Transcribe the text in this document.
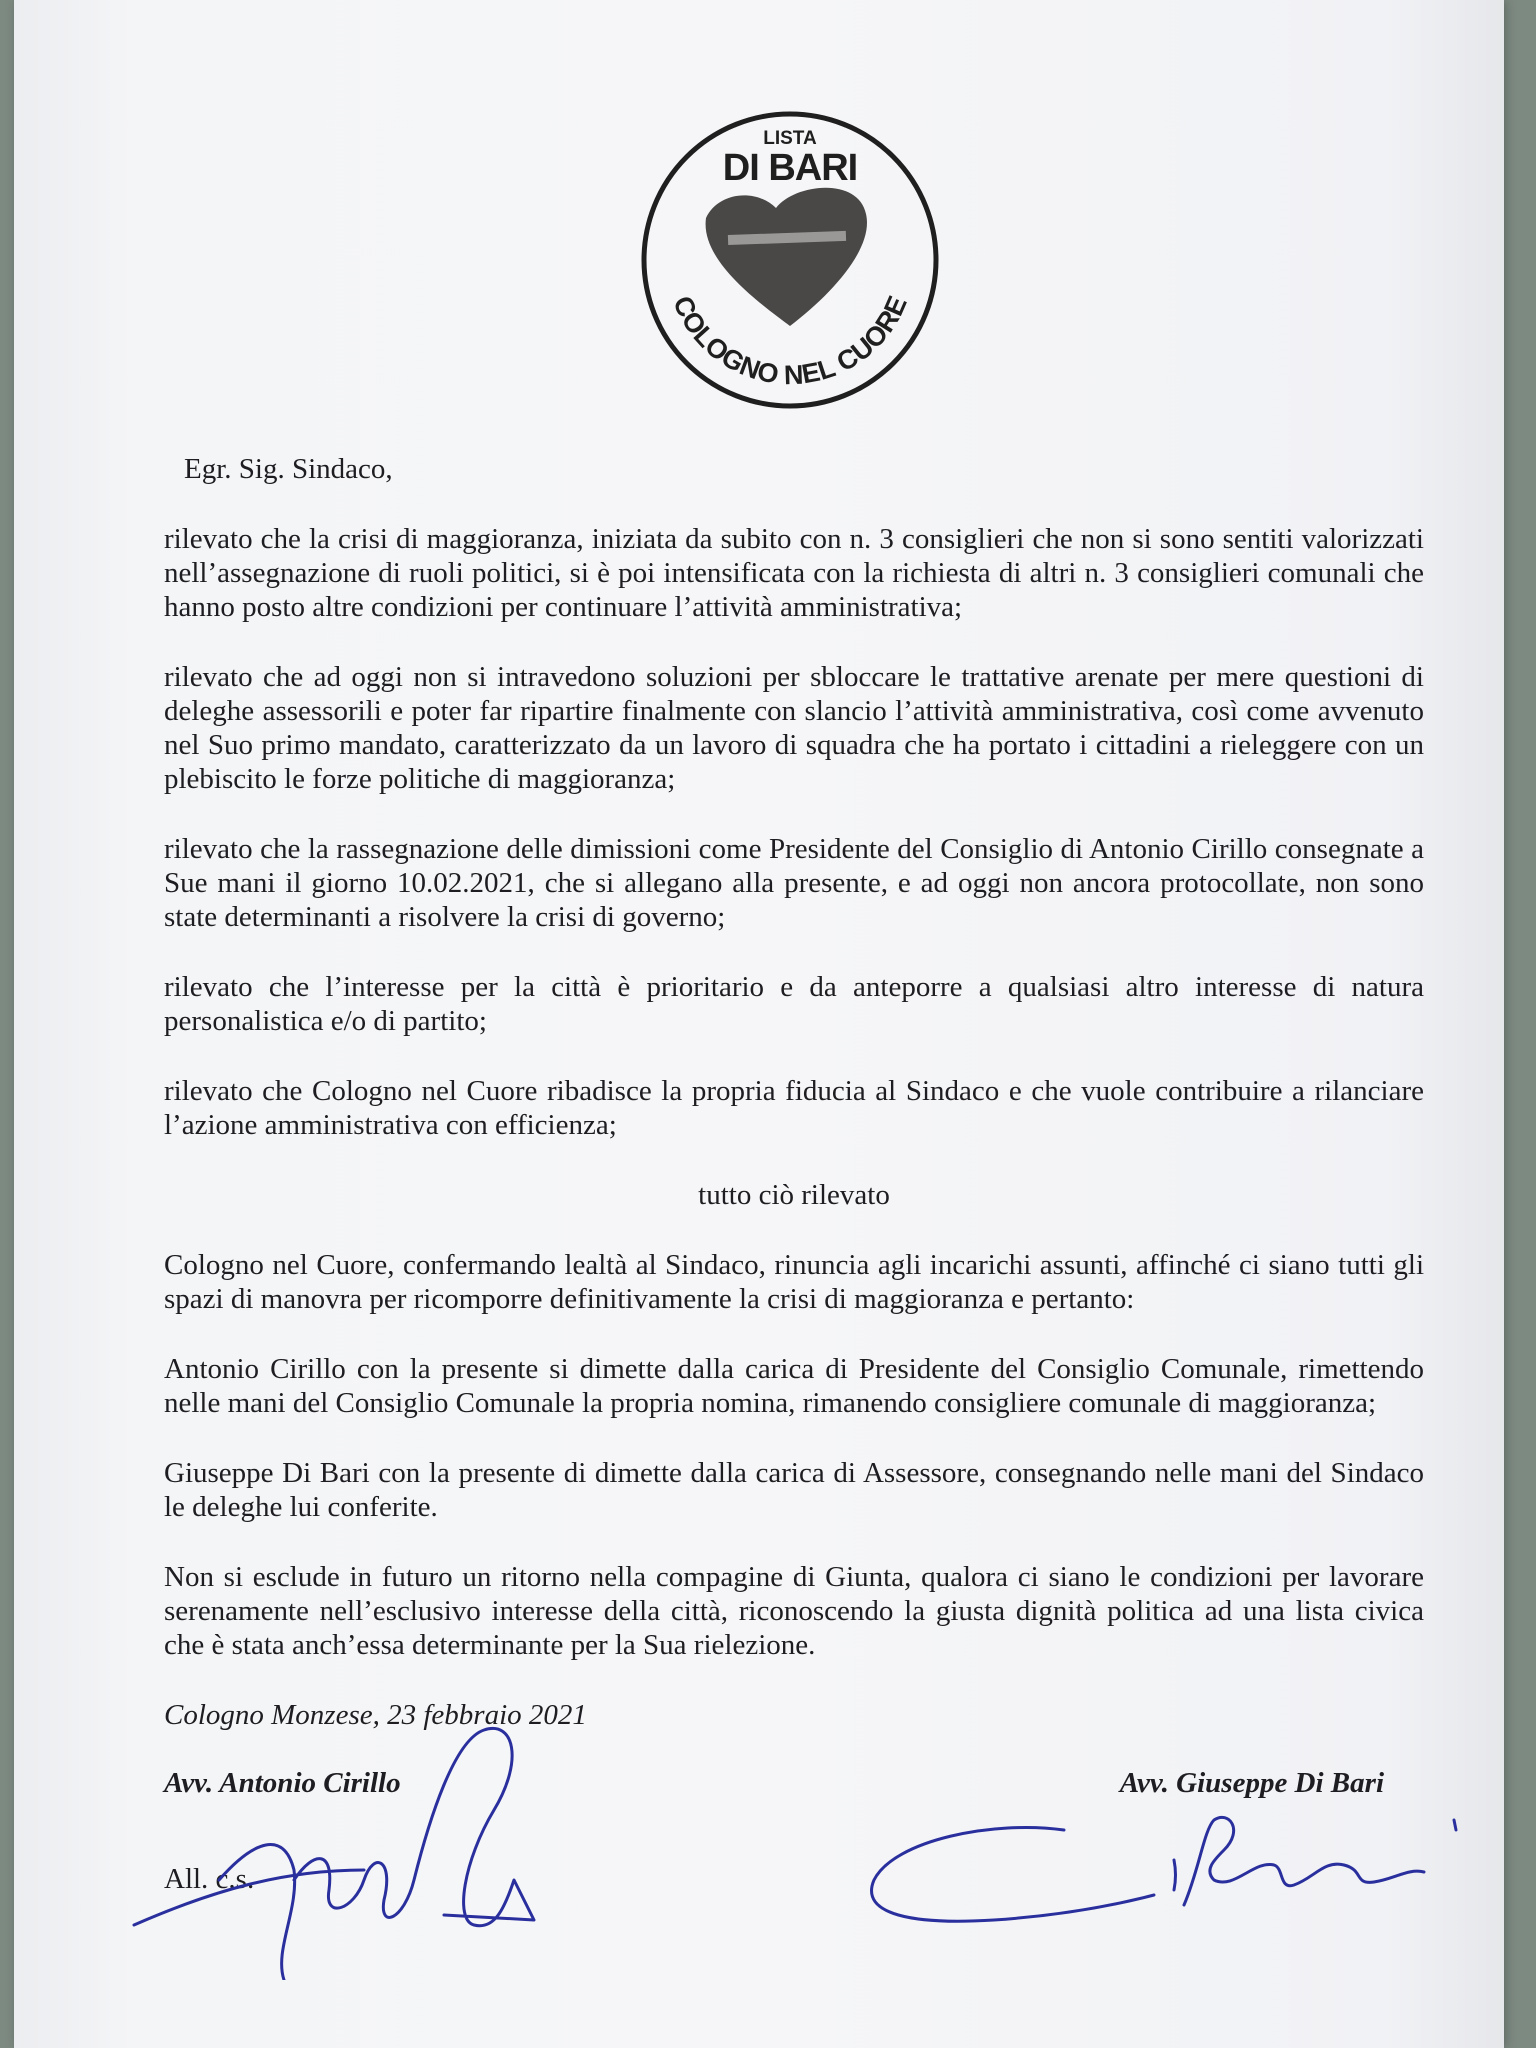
LISTA
DI BARI
COLOGNO NEL CUORE
Egr. Sig. Sindaco,
rilevato che la crisi di maggioranza, iniziata da subito con n. 3 consiglieri che non si sono sentiti valorizzati nell’assegnazione di ruoli politici, si è poi intensificata con la richiesta di altri n. 3 consiglieri comunali che hanno posto altre condizioni per continuare l’attività amministrativa;
rilevato che ad oggi non si intravedono soluzioni per sbloccare le trattative arenate per mere questioni di deleghe assessorili e poter far ripartire finalmente con slancio l’attività amministrativa, così come avvenuto nel Suo primo mandato, caratterizzato da un lavoro di squadra che ha portato i cittadini a rieleggere con un plebiscito le forze politiche di maggioranza;
rilevato che la rassegnazione delle dimissioni come Presidente del Consiglio di Antonio Cirillo consegnate a Sue mani il giorno 10.02.2021, che si allegano alla presente, e ad oggi non ancora protocollate, non sono state determinanti a risolvere la crisi di governo;
rilevato che l’interesse per la città è prioritario e da anteporre a qualsiasi altro interesse di natura personalistica e/o di partito;
rilevato che Cologno nel Cuore ribadisce la propria fiducia al Sindaco e che vuole contribuire a rilanciare l’azione amministrativa con efficienza;
tutto ciò rilevato
Cologno nel Cuore, confermando lealtà al Sindaco, rinuncia agli incarichi assunti, affinché ci siano tutti gli spazi di manovra per ricomporre definitivamente la crisi di maggioranza e pertanto:
Antonio Cirillo con la presente si dimette dalla carica di Presidente del Consiglio Comunale, rimettendo nelle mani del Consiglio Comunale la propria nomina, rimanendo consigliere comunale di maggioranza;
Giuseppe Di Bari con la presente di dimette dalla carica di Assessore, consegnando nelle mani del Sindaco le deleghe lui conferite.
Non si esclude in futuro un ritorno nella compagine di Giunta, qualora ci siano le condizioni per lavorare serenamente nell’esclusivo interesse della città, riconoscendo la giusta dignità politica ad una lista civica che è stata anch’essa determinante per la Sua rielezione.
Cologno Monzese, 23 febbraio 2021
Avv. Antonio Cirillo	Avv. Giuseppe Di Bari
All. c.s.
